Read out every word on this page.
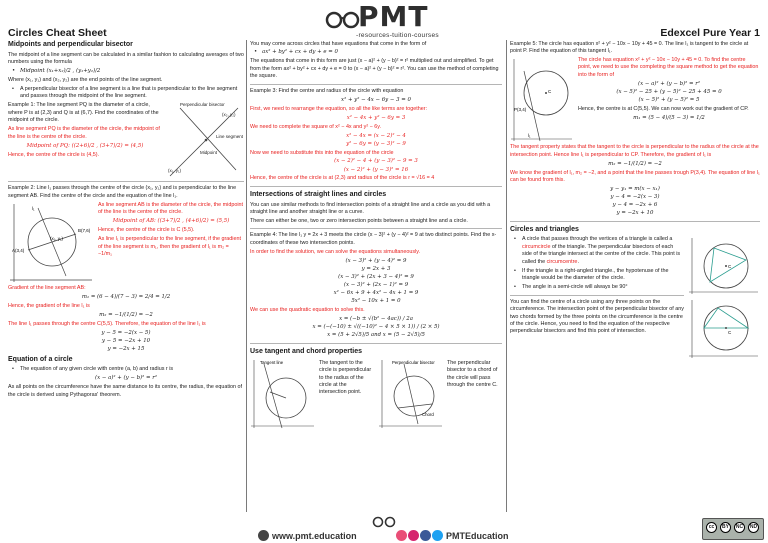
PMT
-resources-tuition-courses
Circles Cheat Sheet	Edexcel Pure Year 1
Midpoints and perpendicular bisector

The midpoint of a line segment can be calculated in a similar fashion to calculating averages of two numbers using the formula

• Midpoint (x₁+x₂)/2 , (y₁+y₂)/2

Where (x₁, y₁) and (x₂, y₂) are the end points of the line segment.

• A perpendicular bisector of a line segment is a line that is perpendicular to the line segment and passes through the midpoint of the line segment.

Perpendicular bisector
(x₂, y₂)
(x₁, y₁)
Line segment
Midpoint

Example 1: The line segment PQ is the diameter of a circle, where P is at (2,3) and Q is at (6,7). Find the coordinates of the midpoint of the circle.

As line segment PQ is the diameter of the circle, the midpoint of the line is the centre of the circle.

Midpoint of PQ: ((2+6)/2 , (3+7)/2) = (4,5)

Hence, the centre of the circle is (4,5).

Example 2: Line l₁ passes through the centre of the circle (x₁, y₁) and is perpendicular to the line segment AB. Find the centre of the circle and the equation of the line l₁.

l₁
B(7,6)
A(3,4)
(x₁, y₁)

As line segment AB is the diameter of the circle, the midpoint of the line is the centre of the circle.

Midpoint of AB: ((3+7)/2 , (4+6)/2) = (5,5)

Hence, the centre of the circle is C (5,5).

As line l₁ is perpendicular to the line segment, if the gradient of the line segment is m₁, then the gradient of l₁ is m₂ = −1/m₁

Gradient of the line segment AB:

m₁ = (6 − 4)/(7 − 3) = 2/4 = 1/2

Hence, the gradient of the line l₁ is

m₂ = −1/(1/2) = −2

The line l₁ passes through the centre C(5,5). Therefore, the equation of the line l₁ is

y − 5 = −2(x − 5)

y − 5 = −2x + 10

y = −2x + 15

Equation of a circle

• The equation of any given circle with centre (a, b) and radius r is

(x − a)² + (y − b)² = r²

As all points on the circumference have the same distance to its centre, the radius, the equation of the circle is derived using Pythagoras' theorem.

You may come across circles that have equations that come in the form of

• ax² + by² + cx + dy + e = 0

The equations that come in this form are just (x − a)² + (y − b)² = r² multiplied out and simplified. To get from the form ax² + by² + cx + dy + e = 0 to (x − a)² + (y − b)² = r². You can use the method of completing the square.

Example 3: Find the centre and radius of the circle with equation

x² + y² − 4x − 6y − 3 = 0

First, we need to rearrange the equation, so all the like terms are together:

x² − 4x + y² − 6y = 3

We need to complete the square of x² − 4x and y² − 6y.

x² − 4x = (x − 2)² − 4

y² − 6y = (y − 3)² − 9

Now we need to substitute this into the equation of the circle

(x − 2)² − 4 + (y − 3)² − 9 = 3

(x − 2)² + (y − 3)² = 16

Hence, the centre of the circle is at (2,3) and radius of the circle is r = √16 = 4

Intersections of straight lines and circles

You can use similar methods to find intersection points of a straight line and a circle as you did with a straight line and another straight line or a curve.

There can either be one, two or zero intersection points between a straight line and a circle.

Example 4: The line l₁ y = 2x + 3 meets the circle (x − 3)² + (y − 4)² = 9 at two distinct points. Find the x-coordinates of these two intersection points.

In order to find the solution, we can solve the equations simultaneously.

(x − 3)² + (y − 4)² = 9

y = 2x + 3

(x − 3)² + (2x + 3 − 4)² = 9

(x − 3)² + (2x − 1)² = 9

x² − 6x + 9 + 4x² − 4x + 1 = 9

5x² − 10x + 1 = 0

We can use the quadratic equation to solve this.

x = (−b ± √(b² − 4ac)) / 2a

x = (−(−10) ± √((−10)² − 4 × 5 × 1)) / (2 × 5)

x = (5 + 2√5)/5 and x = (5 − 2√5)/5

Use tangent and chord properties
Tangent line	The tangent to the circle is perpendicular to the radius of the circle at the intersection point.

Perpendicular bisector
Chord

The perpendicular bisector to a chord of the circle will pass through the centre C.

Example 5: The circle has equation x² + y² − 10x − 10y + 45 = 0. The line l₁ is tangent to the circle at point P. Find the equation of this tangent l₁.

C
P(3,4)
l₁

The circle has equation x² + y² − 10x − 10y + 45 = 0. To find the centre point, we need to use the completing the square method to get the equation into the form of

(x − a)² + (y − b)² = r²

(x − 5)² − 25 + (y − 5)² − 25 + 45 = 0

(x − 5)² + (y − 5)² = 5

Hence, the centre is at C(5,5). We can now work out the gradient of CP.

m₁ = (5 − 4)/(5 − 3) = 1/2

The tangent property states that the tangent to the circle is perpendicular to the radius of the circle at the intersection point. Hence line l₁ is perpendicular to CP. Therefore, the gradient of l₁ is

m₂ = −1/(1/2) = −2

We know the gradient of l₁, m₂ = −2, and a point that the line passes trough P(3,4). The equation of line l₁ can be found from this.

y − y₁ = m(x − x₁)

y − 4 = −2(x − 3)

y − 4 = −2x + 6

y = −2x + 10

Circles and triangles
C
C

• A circle that passes through the vertices of a triangle is called a circumcircle of the triangle. The perpendicular bisectors of each side of the triangle intersect at the centre of the circle. This point is called the circumcentre.

• If the triangle is a right-angled triangle., the hypotenuse of the triangle would be the diameter of the circle.

• The angle in a semi-circle will always be 90°

You can find the centre of a circle using any three points on the circumference. The intersection point of the perpendicular bisector of any two chords formed by the three points on the circumference is the centre of the circle. Hence, you need to find the equation of the respective perpendicular bisectors and find this point of intersection.

www.pmt.education	PMTEducation
cc	BY	NC	ND
